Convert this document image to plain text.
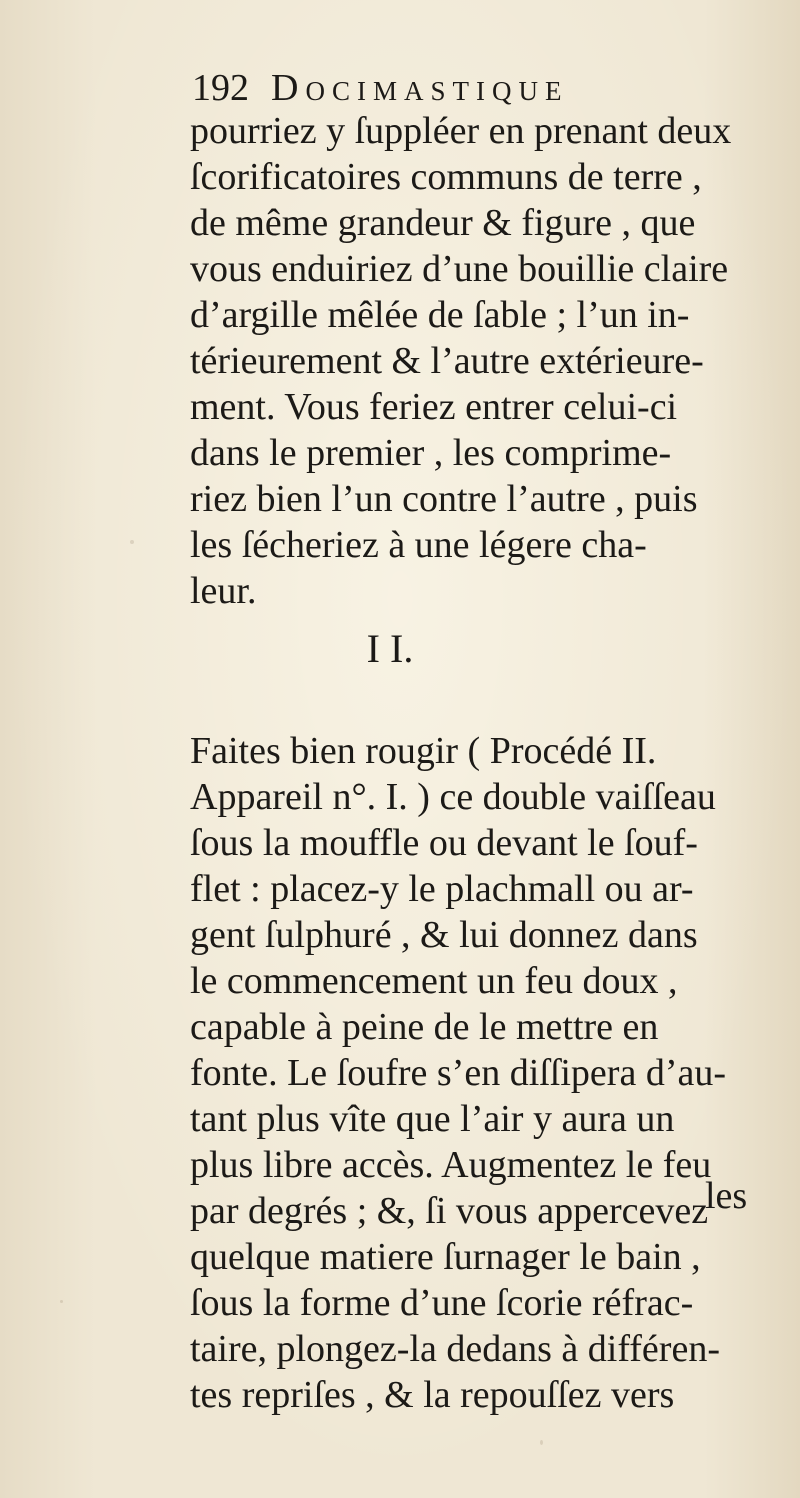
192 Docimastique
pourriez y ſuppléer en prenant deux
ſcorificatoires communs de terre ,
de même grandeur & figure , que
vous enduiriez d’une bouillie claire
d’argille mêlée de ſable ; l’un in-
térieurement & l’autre extérieure-
ment. Vous feriez entrer celui-ci
dans le premier , les comprime-
riez bien l’un contre l’autre , puis
les ſécheriez à une légere cha-
leur.
I I.
Faites bien rougir ( Procédé II.
Appareil n°. I. ) ce double vaiſſeau
ſous la mouffle ou devant le ſouf-
flet : placez-y le plachmall ou ar-
gent ſulphuré , & lui donnez dans
le commencement un feu doux ,
capable à peine de le mettre en
fonte. Le ſoufre s’en diſſipera d’au-
tant plus vîte que l’air y aura un
plus libre accès. Augmentez le feu
par degrés ; &, ſi vous appercevez
quelque matiere ſurnager le bain ,
ſous la forme d’une ſcorie réfrac-
taire, plongez-la dedans à différen-
tes repriſes , & la repouſſez vers
les
